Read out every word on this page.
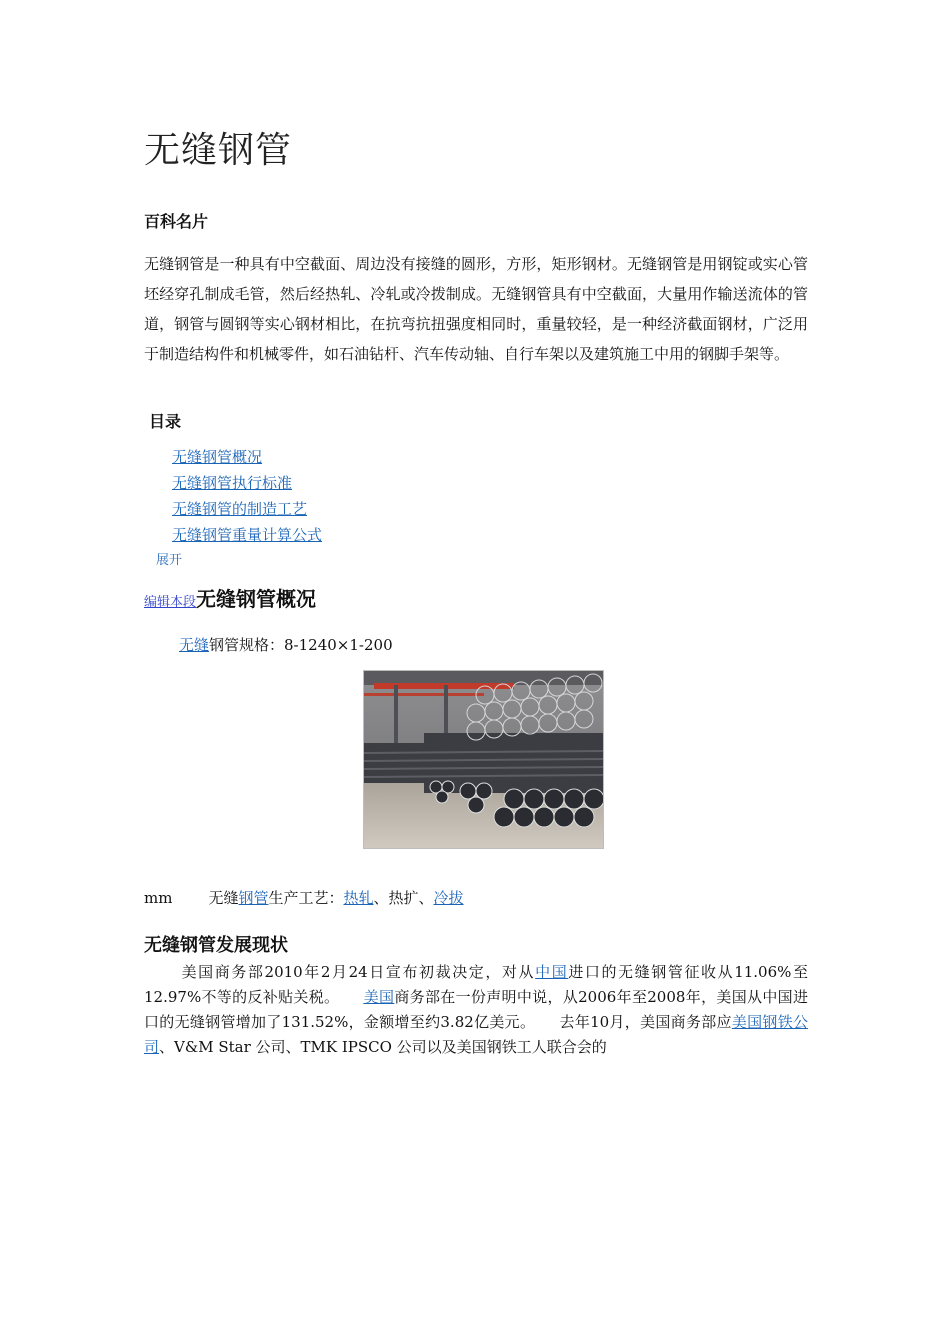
无缝钢管
百科名片

无缝钢管是一种具有中空截面、周边没有接缝的圆形，方形，矩形钢材。无缝钢管是用钢锭或实心管坯经穿孔制成毛管，然后经热轧、冷轧或冷拨制成。无缝钢管具有中空截面，大量用作输送流体的管道，钢管与圆钢等实心钢材相比，在抗弯抗扭强度相同时，重量较轻，是一种经济截面钢材，广泛用于制造结构件和机械零件，如石油钻杆、汽车传动轴、自行车架以及建筑施工中用的钢脚手架等。

目录
无缝钢管概况
无缝钢管执行标准
无缝钢管的制造工艺
无缝钢管重量计算公式
展开
编辑本段无缝钢管概况
无缝钢管规格：8-1240×1-200
mm 无缝钢管生产工艺：热轧、热扩、冷拔
无缝钢管发展现状

美国商务部2010年2月24日宣布初裁决定，对从中国进口的无缝钢管征收从11.06%至12.97%不等的反补贴关税。 美国商务部在一份声明中说，从2006年至2008年，美国从中国进口的无缝钢管增加了131.52%，金额增至约3.82亿美元。 去年10月，美国商务部应美国钢铁公司、V&M Star 公司、TMK IPSCO 公司以及美国钢铁工人联合会的
